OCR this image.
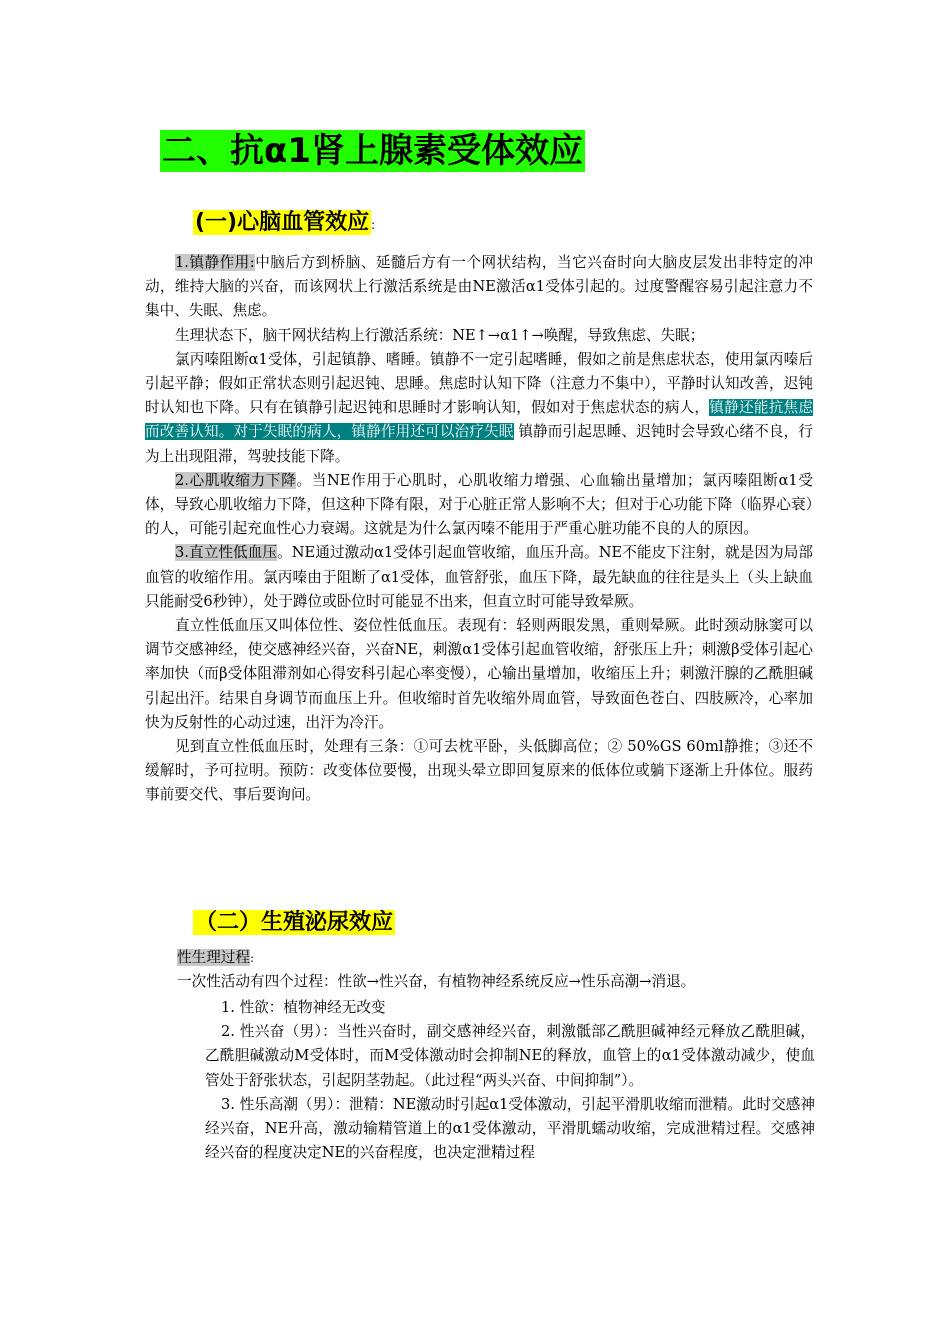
二、抗α1肾上腺素受体效应
(一)心脑血管效应 :

1.镇静作用:中脑后方到桥脑、延髓后方有一个网状结构，当它兴奋时向大脑皮层发出非特定的冲动，维持大脑的兴奋，而该网状上行激活系统是由NE激活α1受体引起的。过度警醒容易引起注意力不集中、失眠、焦虑。

生理状态下，脑干网状结构上行激活系统：NE↑→α1↑→唤醒，导致焦虑、失眠；

氯丙嗪阻断α1受体，引起镇静、嗜睡。镇静不一定引起嗜睡，假如之前是焦虑状态，使用氯丙嗪后引起平静；假如正常状态则引起迟钝、思睡。焦虑时认知下降（注意力不集中），平静时认知改善，迟钝时认知也下降。只有在镇静引起迟钝和思睡时才影响认知，假如对于焦虑状态的病人，镇静还能抗焦虑而改善认知。对于失眠的病人，镇静作用还可以治疗失眠 镇静而引起思睡、迟钝时会导致心绪不良，行为上出现阻滞，驾驶技能下降。

2.心肌收缩力下降。当NE作用于心肌时，心肌收缩力增强、心血输出量增加；氯丙嗪阻断α1受体，导致心肌收缩力下降，但这种下降有限，对于心脏正常人影响不大；但对于心功能下降（临界心衰）的人，可能引起充血性心力衰竭。这就是为什么氯丙嗪不能用于严重心脏功能不良的人的原因。

3.直立性低血压。NE通过激动α1受体引起血管收缩，血压升高。NE不能皮下注射，就是因为局部血管的收缩作用。氯丙嗪由于阻断了α1受体，血管舒张，血压下降，最先缺血的往往是头上（头上缺血只能耐受6秒钟），处于蹲位或卧位时可能显不出来，但直立时可能导致晕厥。

直立性低血压又叫体位性、姿位性低血压。表现有：轻则两眼发黑，重则晕厥。此时颈动脉窦可以调节交感神经，使交感神经兴奋，兴奋NE，刺激α1受体引起血管收缩，舒张压上升；刺激β受体引起心率加快（而β受体阻滞剂如心得安科引起心率变慢），心输出量增加，收缩压上升；刺激汗腺的乙酰胆碱引起出汗。结果自身调节而血压上升。但收缩时首先收缩外周血管，导致面色苍白、四肢厥冷，心率加快为反射性的心动过速，出汗为冷汗。

见到直立性低血压时，处理有三条：①可去枕平卧，头低脚高位；② 50%GS 60ml静推；③还不缓解时，予可拉明。预防：改变体位要慢，出现头晕立即回复原来的低体位或躺下逐渐上升体位。服药事前要交代、事后要询问。

（二）生殖泌尿效应

性生理过程:

一次性活动有四个过程：性欲→性兴奋，有植物神经系统反应→性乐高潮→消退。

1. 性欲：植物神经无改变

2. 性兴奋（男）：当性兴奋时，副交感神经兴奋，刺激骶部乙酰胆碱神经元释放乙酰胆碱，乙酰胆碱激动M受体时，而M受体激动时会抑制NE的释放，血管上的α1受体激动减少，使血管处于舒张状态，引起阴茎勃起。（此过程“两头兴奋、中间抑制”）。

3. 性乐高潮（男）：泄精：NE激动时引起α1受体激动，引起平滑肌收缩而泄精。此时交感神经兴奋，NE升高，激动输精管道上的α1受体激动，平滑肌蠕动收缩，完成泄精过程。交感神经兴奋的程度决定NE的兴奋程度，也决定泄精过程
